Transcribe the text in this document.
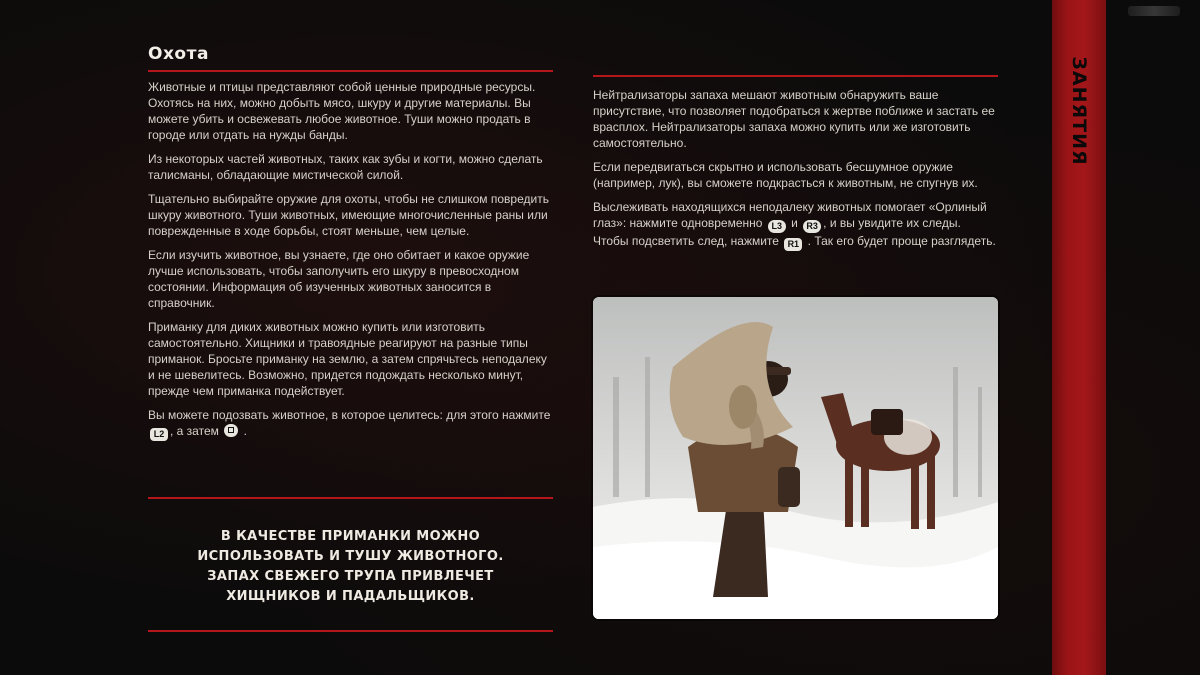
Охота

Животные и птицы представляют собой ценные природные ресурсы. Охотясь на них, можно добыть мясо, шкуру и другие материалы. Вы можете убить и освежевать любое животное. Туши можно продать в городе или отдать на нужды банды.

Из некоторых частей животных, таких как зубы и когти, можно сделать талисманы, обладающие мистической силой.

Тщательно выбирайте оружие для охоты, чтобы не слишком повредить шкуру животного. Туши животных, имеющие многочисленные раны или поврежденные в ходе борьбы, стоят меньше, чем целые.

Если изучить животное, вы узнаете, где оно обитает и какое оружие лучше использовать, чтобы заполучить его шкуру в превосходном состоянии. Информация об изученных животных заносится в справочник.

Приманку для диких животных можно купить или изготовить самостоятельно. Хищники и травоядные реагируют на разные типы приманок. Бросьте приманку на землю, а затем спрячьтесь неподалеку и не шевелитесь. Возможно, придется подождать несколько минут, прежде чем приманка подействует.

Вы можете подозвать животное, в которое целитесь: для этого нажмите L2 , а затем .

В КАЧЕСТВЕ ПРИМАНКИ МОЖНО ИСПОЛЬЗОВАТЬ И ТУШУ ЖИВОТНОГО. ЗАПАХ СВЕЖЕГО ТРУПА ПРИВЛЕЧЕТ ХИЩНИКОВ И ПАДАЛЬЩИКОВ.

Нейтрализаторы запаха мешают животным обнаружить ваше присутствие, что позволяет подобраться к жертве поближе и застать ее врасплох. Нейтрализаторы запаха можно купить или же изготовить самостоятельно.

Если передвигаться скрытно и использовать бесшумное оружие (например, лук), вы сможете подкрасться к животным, не спугнув их.

Выслеживать находящихся неподалеку животных помогает «Орлиный глаз»: нажмите одновременно L3 и R3 , и вы увидите их следы. Чтобы подсветить след, нажмите R1 . Так его будет проще разглядеть.

ЗАНЯТИЯ
